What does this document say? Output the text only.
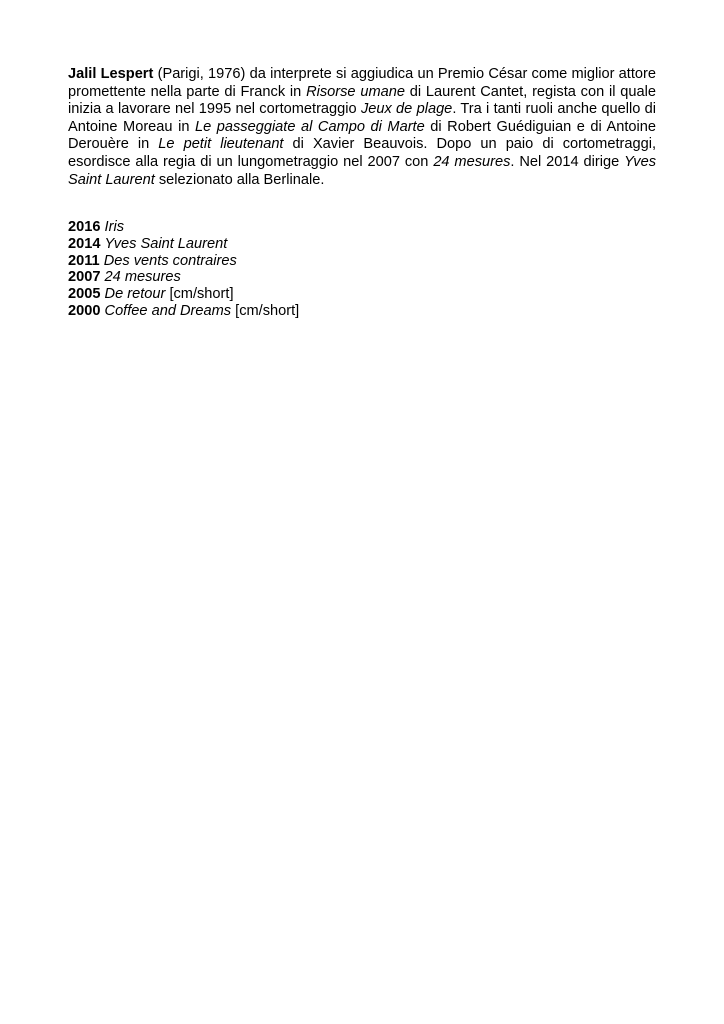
Jalil Lespert (Parigi, 1976) da interprete si aggiudica un Premio César come miglior attore promettente nella parte di Franck in Risorse umane di Laurent Cantet, regista con il quale inizia a lavorare nel 1995 nel cortometraggio Jeux de plage. Tra i tanti ruoli anche quello di Antoine Moreau in Le passeggiate al Campo di Marte di Robert Guédiguian e di Antoine Derouère in Le petit lieutenant di Xavier Beauvois. Dopo un paio di cortometraggi, esordisce alla regia di un lungometraggio nel 2007 con 24 mesures. Nel 2014 dirige Yves Saint Laurent selezionato alla Berlinale.

2016 Iris
2014 Yves Saint Laurent
2011 Des vents contraires
2007 24 mesures
2005 De retour [cm/short]
2000 Coffee and Dreams [cm/short]
